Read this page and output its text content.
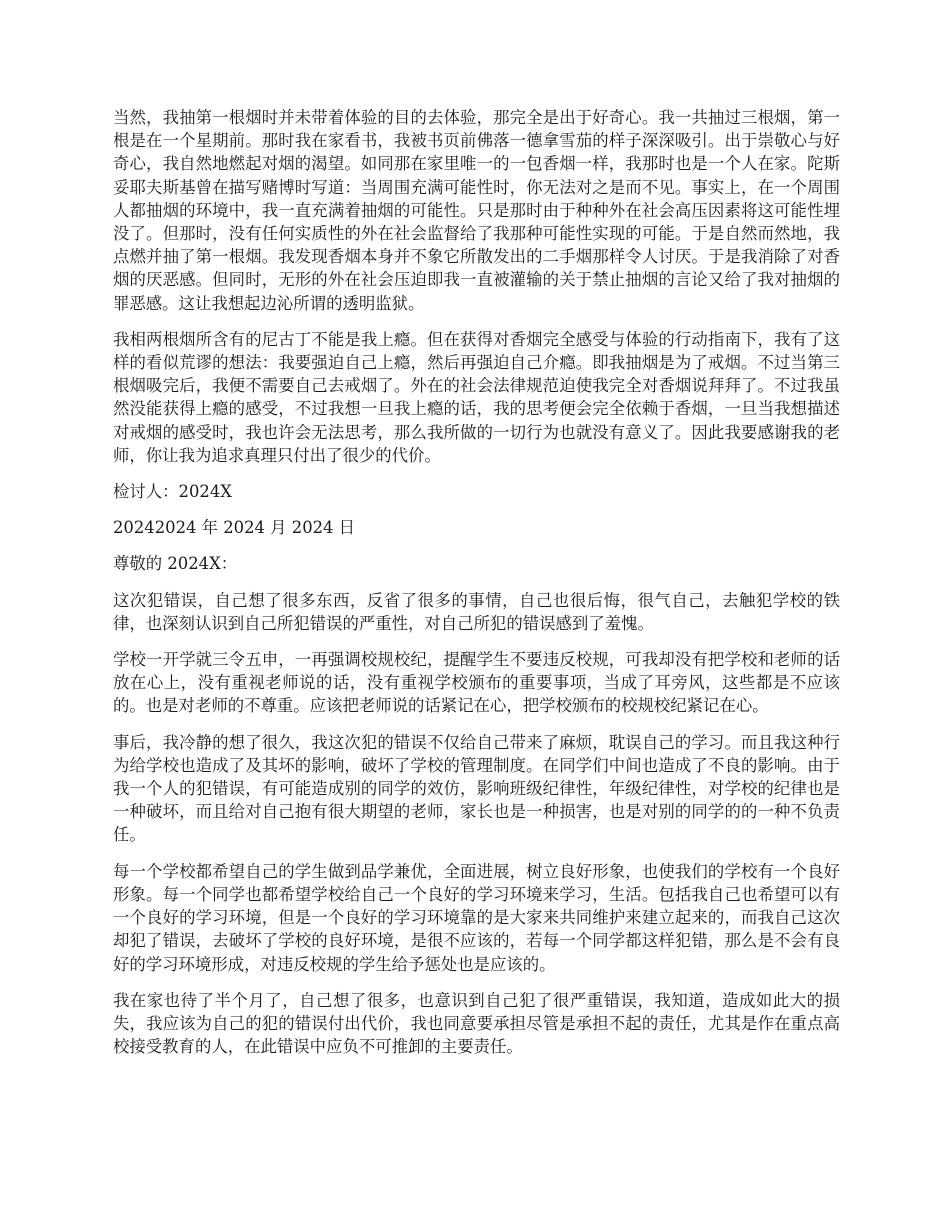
当然，我抽第一根烟时并未带着体验的目的去体验，那完全是出于好奇心。我一共抽过三根烟，第一根是在一个星期前。那时我在家看书，我被书页前佛落一德拿雪茄的样子深深吸引。出于崇敬心与好奇心，我自然地燃起对烟的渴望。如同那在家里唯一的一包香烟一样，我那时也是一个人在家。陀斯妥耶夫斯基曾在描写赌博时写道：当周围充满可能性时，你无法对之是而不见。事实上，在一个周围人都抽烟的环境中，我一直充满着抽烟的可能性。只是那时由于种种外在社会高压因素将这可能性埋没了。但那时，没有任何实质性的外在社会监督给了我那种可能性实现的可能。于是自然而然地，我点燃并抽了第一根烟。我发现香烟本身并不象它所散发出的二手烟那样令人讨厌。于是我消除了对香烟的厌恶感。但同时，无形的外在社会压迫即我一直被灌输的关于禁止抽烟的言论又给了我对抽烟的罪恶感。这让我想起边沁所谓的透明监狱。

我相两根烟所含有的尼古丁不能是我上瘾。但在获得对香烟完全感受与体验的行动指南下，我有了这样的看似荒谬的想法：我要强迫自己上瘾，然后再强迫自己介瘾。即我抽烟是为了戒烟。不过当第三根烟吸完后，我便不需要自己去戒烟了。外在的社会法律规范迫使我完全对香烟说拜拜了。不过我虽然没能获得上瘾的感受，不过我想一旦我上瘾的话，我的思考便会完全依赖于香烟，一旦当我想描述对戒烟的感受时，我也许会无法思考，那么我所做的一切行为也就没有意义了。因此我要感谢我的老师，你让我为追求真理只付出了很少的代价。

检讨人：2024X

20242024 年 2024 月 2024 日

尊敬的 2024X：

这次犯错误，自己想了很多东西，反省了很多的事情，自己也很后悔，很气自己，去触犯学校的铁律，也深刻认识到自己所犯错误的严重性，对自己所犯的错误感到了羞愧。

学校一开学就三令五申，一再强调校规校纪，提醒学生不要违反校规，可我却没有把学校和老师的话放在心上，没有重视老师说的话，没有重视学校颁布的重要事项，当成了耳旁风，这些都是不应该的。也是对老师的不尊重。应该把老师说的话紧记在心，把学校颁布的校规校纪紧记在心。

事后，我冷静的想了很久，我这次犯的错误不仅给自己带来了麻烦，耽误自己的学习。而且我这种行为给学校也造成了及其坏的影响，破坏了学校的管理制度。在同学们中间也造成了不良的影响。由于我一个人的犯错误，有可能造成别的同学的效仿，影响班级纪律性，年级纪律性，对学校的纪律也是一种破坏，而且给对自己抱有很大期望的老师，家长也是一种损害，也是对别的同学的的一种不负责任。

每一个学校都希望自己的学生做到品学兼优，全面进展，树立良好形象，也使我们的学校有一个良好形象。每一个同学也都希望学校给自己一个良好的学习环境来学习，生活。包括我自己也希望可以有一个良好的学习环境，但是一个良好的学习环境靠的是大家来共同维护来建立起来的，而我自己这次却犯了错误，去破坏了学校的良好环境，是很不应该的，若每一个同学都这样犯错，那么是不会有良好的学习环境形成，对违反校规的学生给予惩处也是应该的。

我在家也待了半个月了，自己想了很多，也意识到自己犯了很严重错误，我知道，造成如此大的损失，我应该为自己的犯的错误付出代价，我也同意要承担尽管是承担不起的责任，尤其是作在重点高校接受教育的人，在此错误中应负不可推卸的主要责任。
